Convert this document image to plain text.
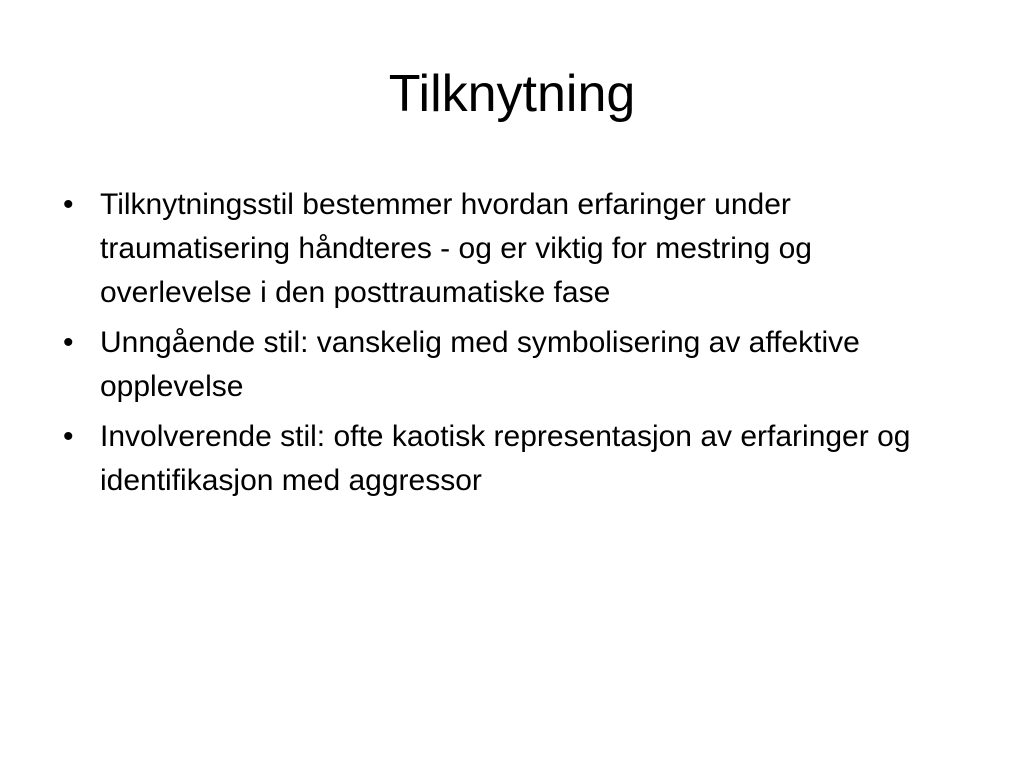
Tilknytning
• Tilknytningsstil bestemmer hvordan erfaringer under traumatisering håndteres - og er viktig for mestring og overlevelse i den posttraumatiske fase
• Unngående stil: vanskelig med symbolisering av affektive opplevelse
• Involverende stil: ofte kaotisk representasjon av erfaringer og identifikasjon med aggressor
